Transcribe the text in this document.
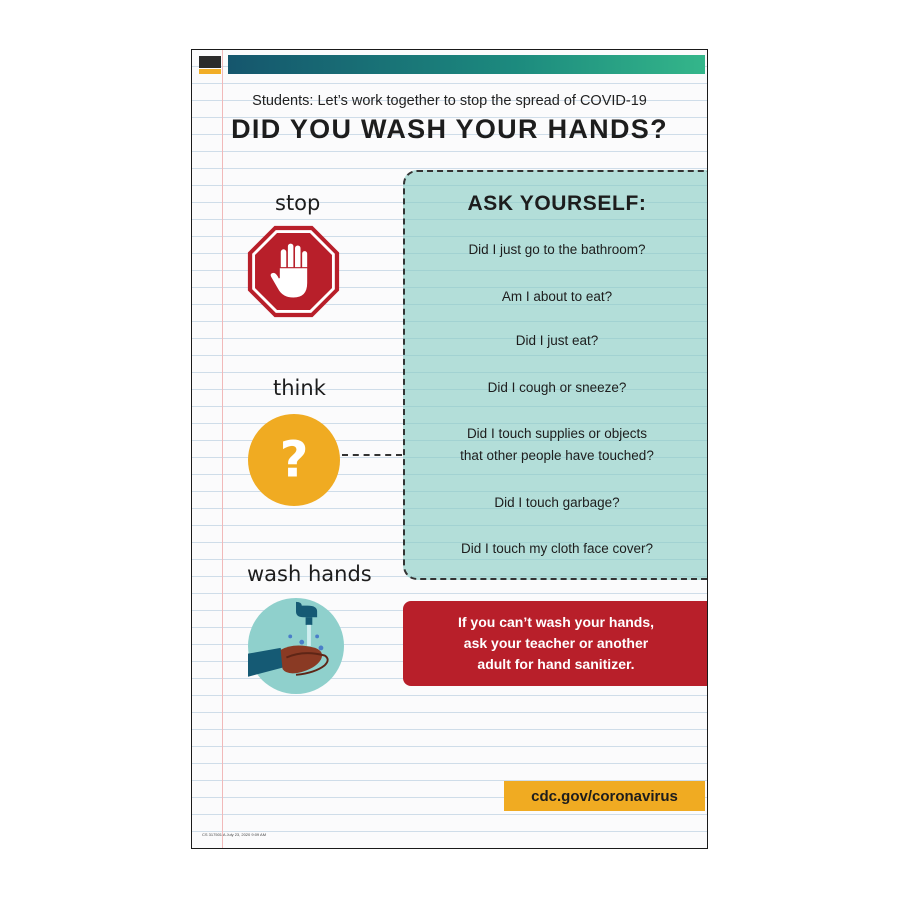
Students: Let’s work together to stop the spread of COVID-19
DID YOU WASH YOUR HANDS?
stop
think
?
wash hands
ASK YOURSELF:
Did I just go to the bathroom?
Am I about to eat?
Did I just eat?
Did I cough or sneeze?
Did I touch supplies or objects
that other people have touched?
Did I touch garbage?
Did I touch my cloth face cover?
If you can’t wash your hands,
ask your teacher or another
adult for hand sanitizer.
cdc.gov/coronavirus
CS 317501 A July 23, 2020 9:09 AM
